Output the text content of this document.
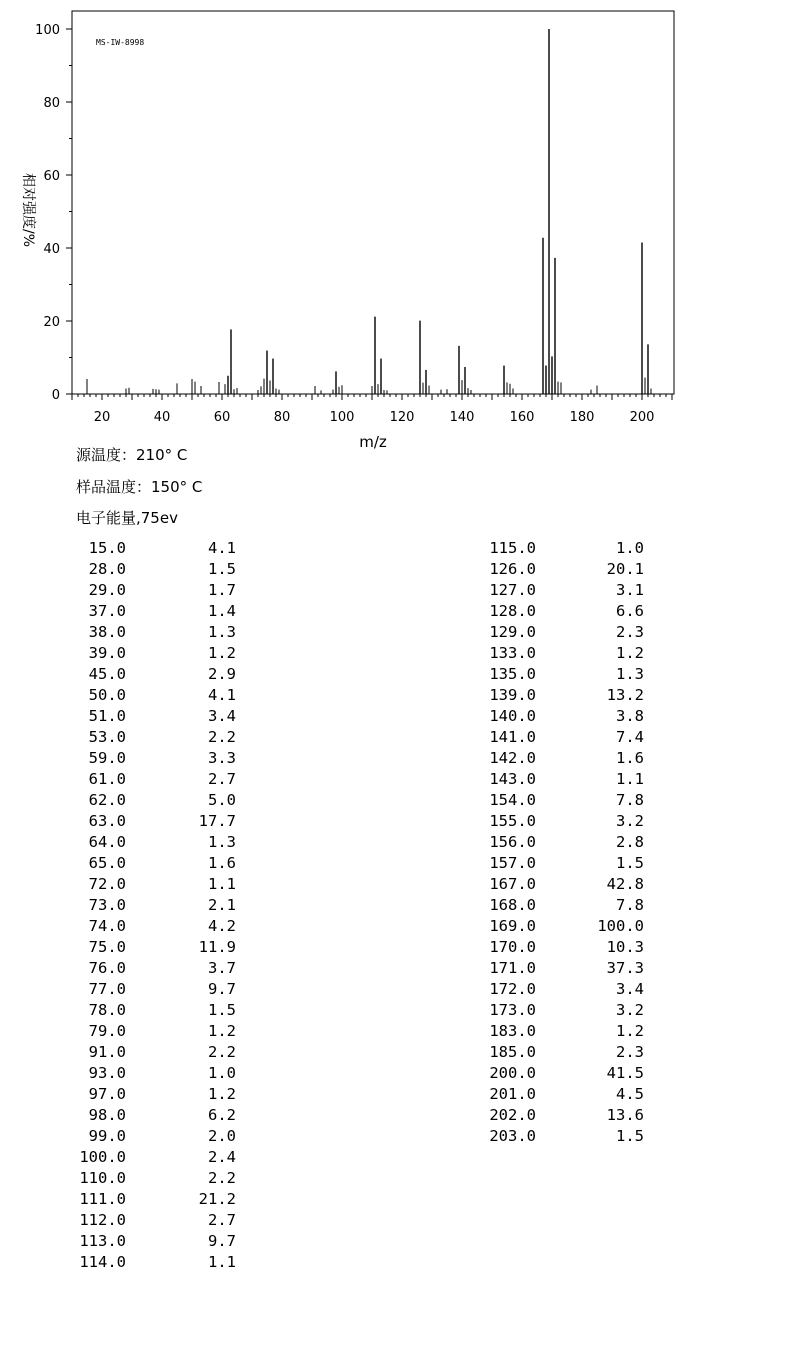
20	40	60	80	100	120	140	160	180	200
0
20
40
60
80
100
MS-IW-8998
m/z
相对强度/%
源温度：210° C
样品温度：150° C
电子能量,75ev
15.0	4.1
28.0	1.5
29.0	1.7
37.0	1.4
38.0	1.3
39.0	1.2
45.0	2.9
50.0	4.1
51.0	3.4
53.0	2.2
59.0	3.3
61.0	2.7
62.0	5.0
63.0	17.7
64.0	1.3
65.0	1.6
72.0	1.1
73.0	2.1
74.0	4.2
75.0	11.9
76.0	3.7
77.0	9.7
78.0	1.5
79.0	1.2
91.0	2.2
93.0	1.0
97.0	1.2
98.0	6.2
99.0	2.0
100.0	2.4
110.0	2.2
111.0	21.2
112.0	2.7
113.0	9.7
114.0	1.1
115.0	1.0
126.0	20.1
127.0	3.1
128.0	6.6
129.0	2.3
133.0	1.2
135.0	1.3
139.0	13.2
140.0	3.8
141.0	7.4
142.0	1.6
143.0	1.1
154.0	7.8
155.0	3.2
156.0	2.8
157.0	1.5
167.0	42.8
168.0	7.8
169.0	100.0
170.0	10.3
171.0	37.3
172.0	3.4
173.0	3.2
183.0	1.2
185.0	2.3
200.0	41.5
201.0	4.5
202.0	13.6
203.0	1.5
